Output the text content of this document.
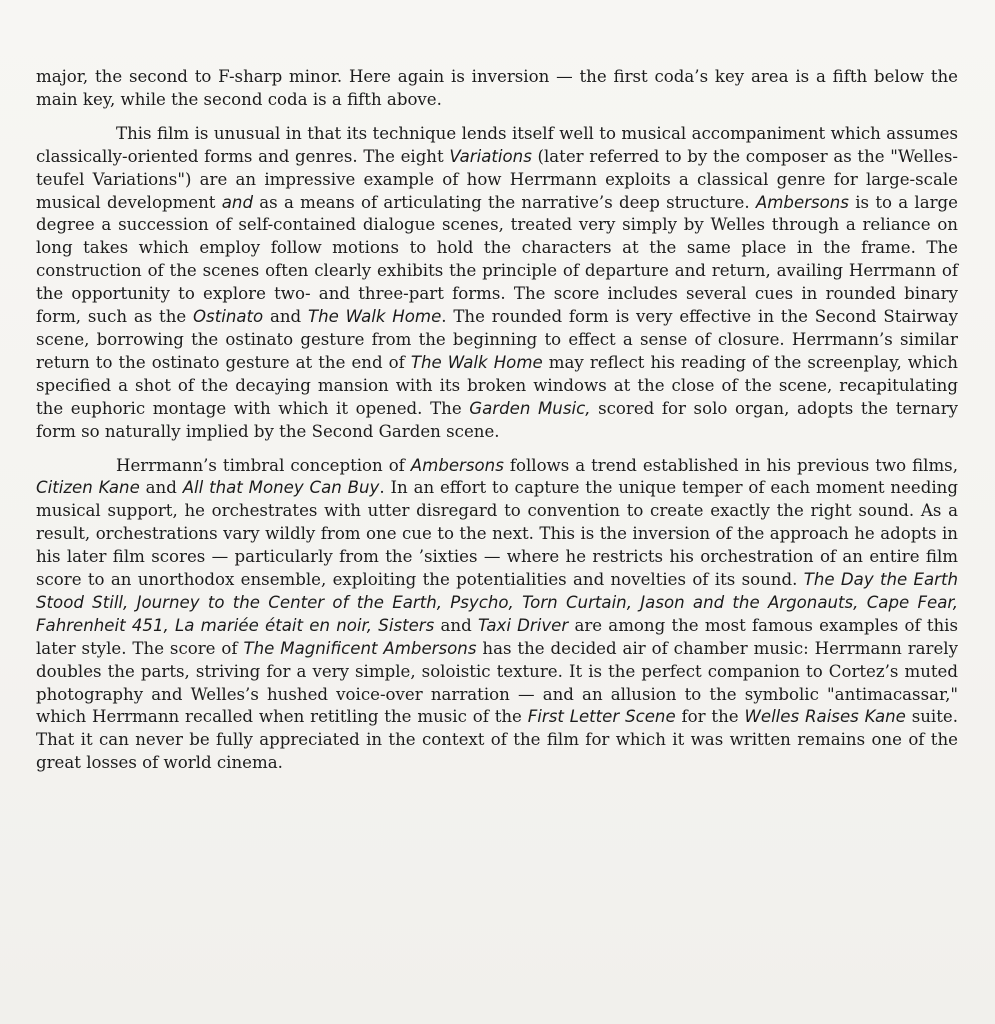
major, the second to F-sharp minor. Here again is inversion — the first coda’s key area is a fifth below the main key, while the second coda is a fifth above.

This film is unusual in that its technique lends itself well to musical accompaniment which assumes classically-oriented forms and genres. The eight Variations (later referred to by the composer as the "Welles-teufel Variations") are an impressive example of how Herrmann exploits a classical genre for large-scale musical development and as a means of articulating the narrative’s deep structure. Ambersons is to a large degree a succession of self-contained dialogue scenes, treated very simply by Welles through a reliance on long takes which employ follow motions to hold the characters at the same place in the frame. The construction of the scenes often clearly exhibits the principle of departure and return, availing Herrmann of the opportunity to explore two- and three-part forms. The score includes several cues in rounded binary form, such as the Ostinato and The Walk Home. The rounded form is very effective in the Second Stairway scene, borrowing the ostinato gesture from the beginning to effect a sense of closure. Herrmann’s similar return to the ostinato gesture at the end of The Walk Home may reflect his reading of the screenplay, which specified a shot of the decaying mansion with its broken windows at the close of the scene, recapitulating the euphoric montage with which it opened. The Garden Music, scored for solo organ, adopts the ternary form so naturally implied by the Second Garden scene.

Herrmann’s timbral conception of Ambersons follows a trend established in his previous two films, Citizen Kane and All that Money Can Buy. In an effort to capture the unique temper of each moment needing musical support, he orchestrates with utter disregard to convention to create exactly the right sound. As a result, orchestrations vary wildly from one cue to the next. This is the inversion of the approach he adopts in his later film scores — particularly from the ’sixties — where he restricts his orchestration of an entire film score to an unorthodox ensemble, exploiting the potentialities and novelties of its sound. The Day the Earth Stood Still, Journey to the Center of the Earth, Psycho, Torn Curtain, Jason and the Argonauts, Cape Fear, Fahrenheit 451, La mariée était en noir, Sisters and Taxi Driver are among the most famous examples of this later style. The score of The Magnificent Ambersons has the decided air of chamber music: Herrmann rarely doubles the parts, striving for a very simple, soloistic texture. It is the perfect companion to Cortez’s muted photography and Welles’s hushed voice-over narration — and an allusion to the symbolic "antimacassar," which Herrmann recalled when retitling the music of the First Letter Scene for the Welles Raises Kane suite. That it can never be fully appreciated in the context of the film for which it was written remains one of the great losses of world cinema.
